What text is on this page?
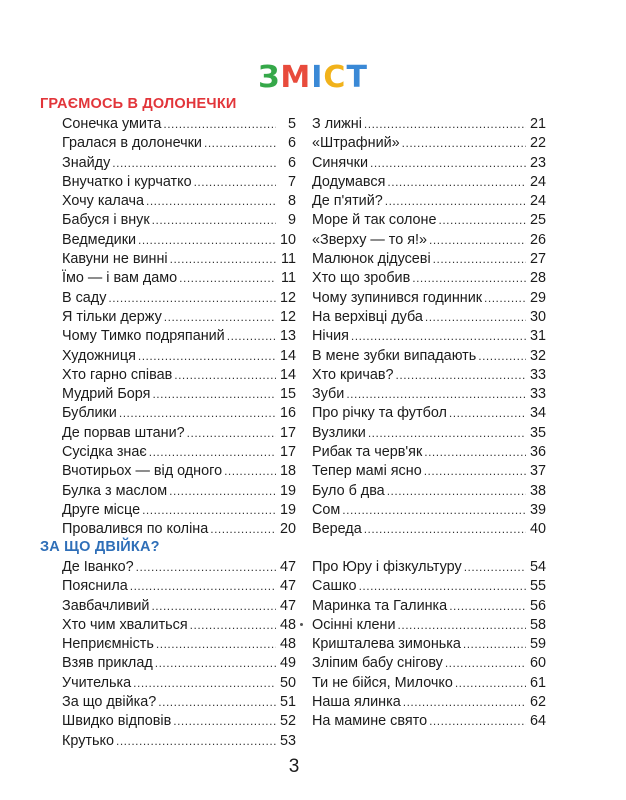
ЗМІСТ
ГРАЄМОСЬ В ДОЛОНЕЧКИ
Сонечка умита .....	5
Гралася в долонечки .....	6
Знайду .....	6
Внучатко і курчатко .....	7
Хочу калача .....	8
Бабуся і внук .....	9
Ведмедики .....	10
Кавуни не винні .....	11
Їмо — і вам дамо .....	11
В саду .....	12
Я тільки держу .....	12
Чому Тимко подряпаний .....	13
Художниця .....	14
Хто гарно співав .....	14
Мудрий Боря .....	15
Бублики .....	16
Де порвав штани? .....	17
Сусідка знає .....	17
Вчотирьох — від одного .....	18
Булка з маслом .....	19
Друге місце .....	19
Провалився по коліна .....	20
З лижні .....	21
«Штрафний» .....	22
Синячки .....	23
Додумався .....	24
Де п'ятий? .....	24
Море й так солоне .....	25
«Зверху — то я!» .....	26
Малюнок дідусеві .....	27
Хто що зробив .....	28
Чому зупинився годинник .....	29
На верхівці дуба .....	30
Нічия .....	31
В мене зубки випадають .....	32
Хто кричав? .....	33
Зуби .....	33
Про річку та футбол .....	34
Вузлики .....	35
Рибак та черв'як .....	36
Тепер мамі ясно .....	37
Було б два .....	38
Сом .....	39
Вереда .....	40
ЗА ЩО ДВІЙКА?
Де Іванко? .....	47
Пояснила .....	47
Завбачливий .....	47
Хто чим хвалиться .....	48
Неприємність .....	48
Взяв приклад .....	49
Учителька .....	50
За що двійка? .....	51
Швидко відповів .....	52
Крутько .....	53
Про Юру і фізкультуру .....	54
Сашко .....	55
Маринка та Галинка .....	56
Осінні клени .....	58
Кришталева зимонька .....	59
Зліпим бабу снігову .....	60
Ти не бійся, Милочко .....	61
Наша ялинка .....	62
На мамине свято .....	64
3
